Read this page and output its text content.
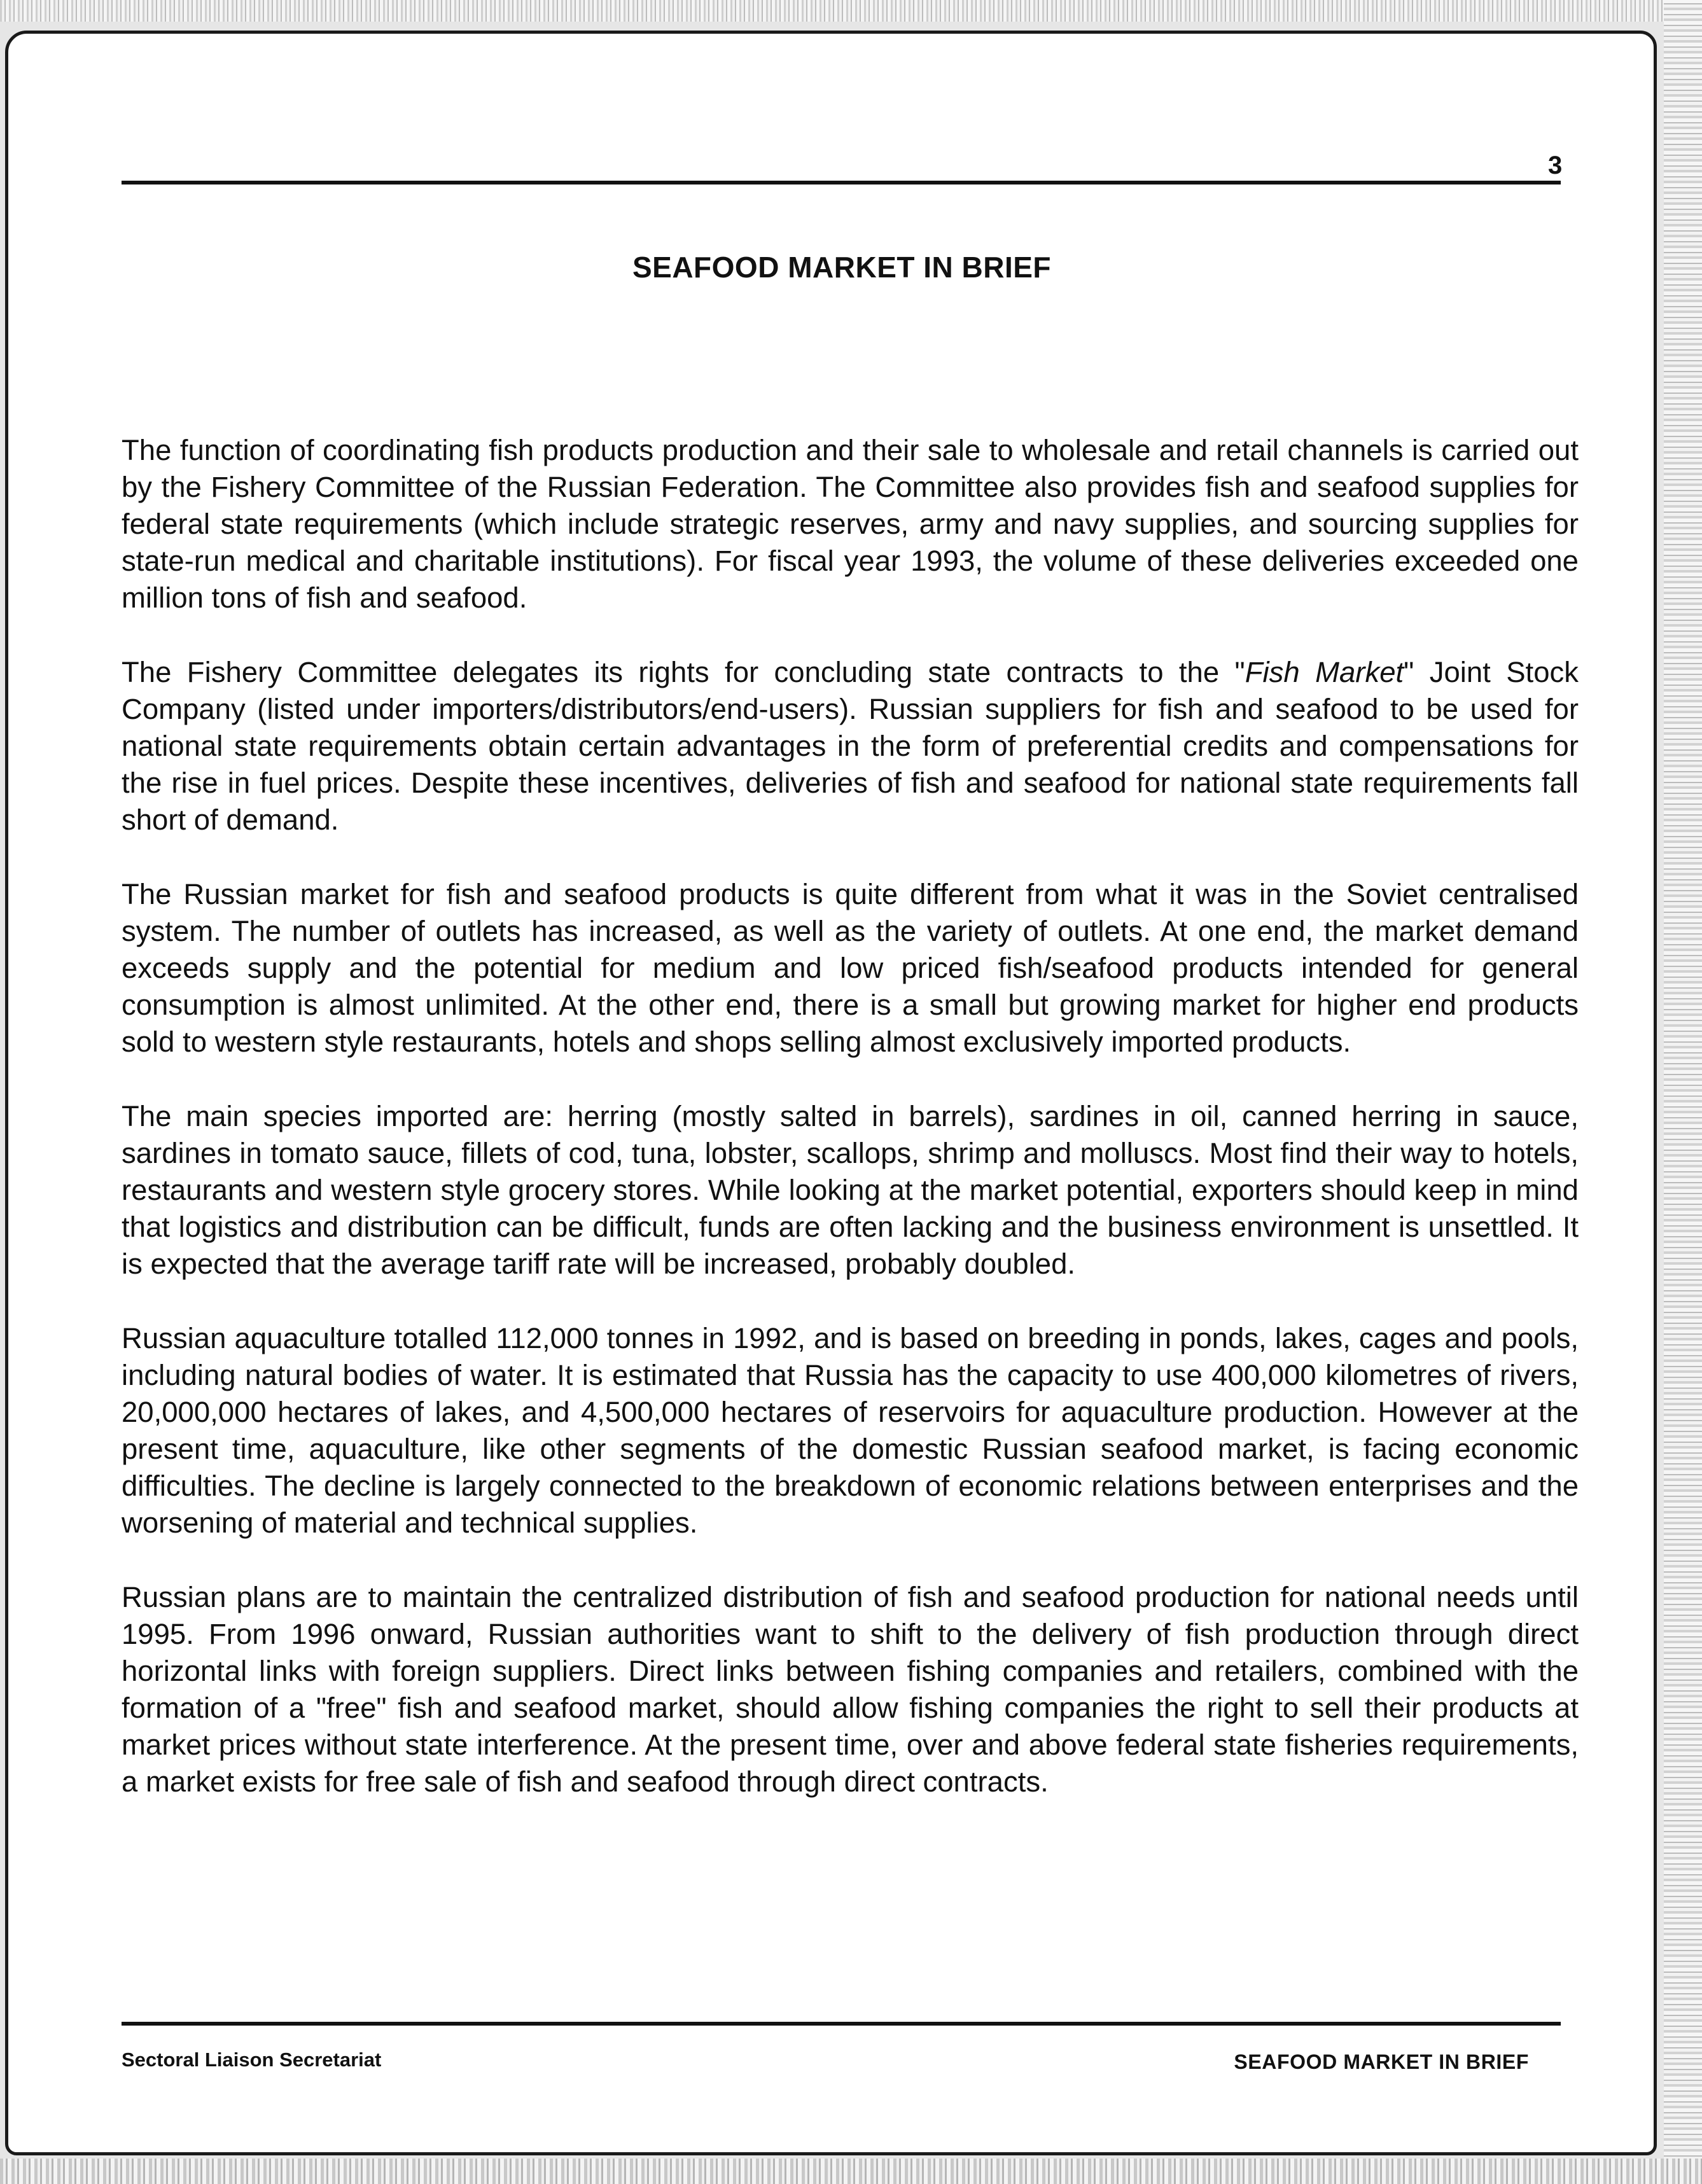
3
SEAFOOD MARKET IN BRIEF

The function of coordinating fish products production and their sale to wholesale and retail channels is carried out by the Fishery Committee of the Russian Federation. The Committee also provides fish and seafood supplies for federal state requirements (which include strategic reserves, army and navy supplies, and sourcing supplies for state-run medical and charitable institutions). For fiscal year 1993, the volume of these deliveries exceeded one million tons of fish and seafood.

The Fishery Committee delegates its rights for concluding state contracts to the "Fish Market" Joint Stock Company (listed under importers/distributors/end-users). Russian suppliers for fish and seafood to be used for national state requirements obtain certain advantages in the form of preferential credits and compensations for the rise in fuel prices. Despite these incentives, deliveries of fish and seafood for national state requirements fall short of demand.

The Russian market for fish and seafood products is quite different from what it was in the Soviet centralised system. The number of outlets has increased, as well as the variety of outlets. At one end, the market demand exceeds supply and the potential for medium and low priced fish/seafood products intended for general consumption is almost unlimited. At the other end, there is a small but growing market for higher end products sold to western style restaurants, hotels and shops selling almost exclusively imported products.

The main species imported are: herring (mostly salted in barrels), sardines in oil, canned herring in sauce, sardines in tomato sauce, fillets of cod, tuna, lobster, scallops, shrimp and molluscs. Most find their way to hotels, restaurants and western style grocery stores. While looking at the market potential, exporters should keep in mind that logistics and distribution can be difficult, funds are often lacking and the business environment is unsettled. It is expected that the average tariff rate will be increased, probably doubled.

Russian aquaculture totalled 112,000 tonnes in 1992, and is based on breeding in ponds, lakes, cages and pools, including natural bodies of water. It is estimated that Russia has the capacity to use 400,000 kilometres of rivers, 20,000,000 hectares of lakes, and 4,500,000 hectares of reservoirs for aquaculture production. However at the present time, aquaculture, like other segments of the domestic Russian seafood market, is facing economic difficulties. The decline is largely connected to the breakdown of economic relations between enterprises and the worsening of material and technical supplies.

Russian plans are to maintain the centralized distribution of fish and seafood production for national needs until 1995. From 1996 onward, Russian authorities want to shift to the delivery of fish production through direct horizontal links with foreign suppliers. Direct links between fishing companies and retailers, combined with the formation of a "free" fish and seafood market, should allow fishing companies the right to sell their products at market prices without state interference. At the present time, over and above federal state fisheries requirements, a market exists for free sale of fish and seafood through direct contracts.

Sectoral Liaison Secretariat	SEAFOOD MARKET IN BRIEF
